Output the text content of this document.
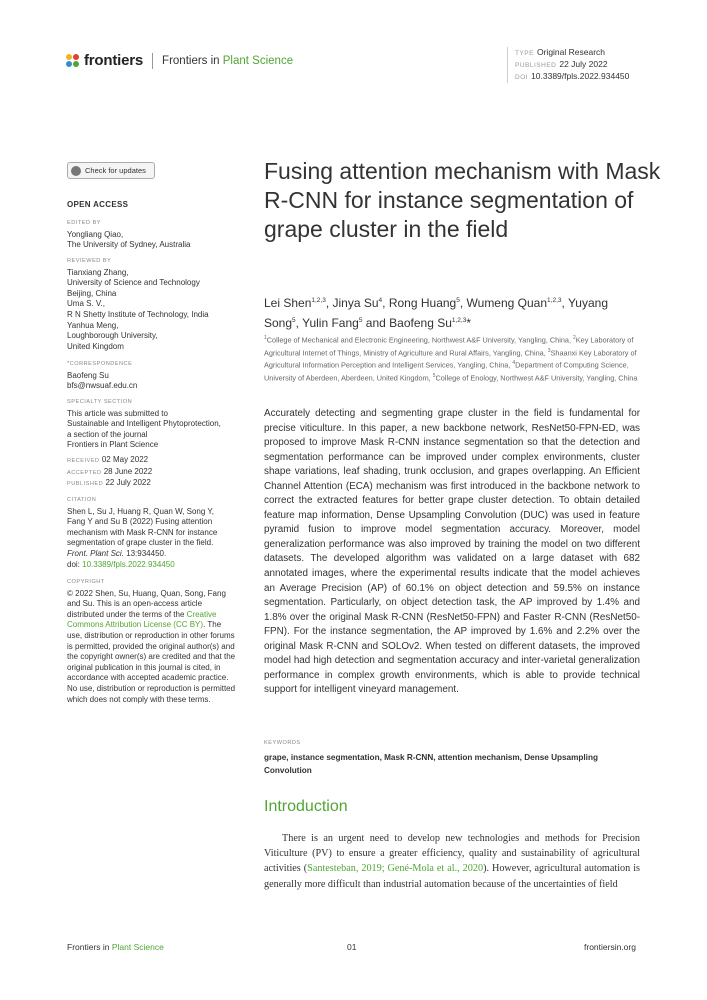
frontiers Frontiers in Plant Science
TYPE Original Research
PUBLISHED 22 July 2022
DOI 10.3389/fpls.2022.934450
Check for updates
OPEN ACCESS
EDITED BY
Yongliang Qiao,
The University of Sydney, Australia
REVIEWED BY
Tianxiang Zhang,
University of Science and Technology
Beijing, China
Uma S. V.,
R N Shetty Institute of Technology, India
Yanhua Meng,
Loughborough University,
United Kingdom
*CORRESPONDENCE
Baofeng Su
bfs@nwsuaf.edu.cn
SPECIALTY SECTION
This article was submitted to
Sustainable and Intelligent Phytoprotection,
a section of the journal
Frontiers in Plant Science
RECEIVED 02 May 2022
ACCEPTED 28 June 2022
PUBLISHED 22 July 2022
CITATION
Shen L, Su J, Huang R, Quan W, Song Y,
Fang Y and Su B (2022) Fusing attention
mechanism with Mask R-CNN for instance
segmentation of grape cluster in the field.
Front. Plant Sci. 13:934450.
doi: 10.3389/fpls.2022.934450
COPYRIGHT
© 2022 Shen, Su, Huang, Quan, Song, Fang and Su. This is an open-access article distributed under the terms of the Creative Commons Attribution License (CC BY). The use, distribution or reproduction in other forums is permitted, provided the original author(s) and the copyright owner(s) are credited and that the original publication in this journal is cited, in accordance with accepted academic practice. No use, distribution or reproduction is permitted which does not comply with these terms.
Fusing attention mechanism with Mask R-CNN for instance segmentation of grape cluster in the field
Lei Shen$^{1,2,3}$, Jinya Su$^4$, Rong Huang$^5$, Wumeng Quan$^{1,2,3}$, Yuyang Song$^5$, Yulin Fang$^5$ and Baofeng Su$^{1,2,3}$*
$^1$College of Mechanical and Electronic Engineering, Northwest A&F University, Yangling, China, $^2$Key Laboratory of Agricultural Internet of Things, Ministry of Agriculture and Rural Affairs, Yangling, China, $^3$Shaanxi Key Laboratory of Agricultural Information Perception and Intelligent Services, Yangling, China, $^4$Department of Computing Science, University of Aberdeen, Aberdeen, United Kingdom, $^5$College of Enology, Northwest A&F University, Yangling, China
Accurately detecting and segmenting grape cluster in the field is fundamental for precise viticulture. In this paper, a new backbone network, ResNet50-FPN-ED, was proposed to improve Mask R-CNN instance segmentation so that the detection and segmentation performance can be improved under complex environments, cluster shape variations, leaf shading, trunk occlusion, and grapes overlapping. An Efficient Channel Attention (ECA) mechanism was first introduced in the backbone network to correct the extracted features for better grape cluster detection. To obtain detailed feature map information, Dense Upsampling Convolution (DUC) was used in feature pyramid fusion to improve model segmentation accuracy. Moreover, model generalization performance was also improved by training the model on two different datasets. The developed algorithm was validated on a large dataset with 682 annotated images, where the experimental results indicate that the model achieves an Average Precision (AP) of 60.1% on object detection and 59.5% on instance segmentation. Particularly, on object detection task, the AP improved by 1.4% and 1.8% over the original Mask R-CNN (ResNet50-FPN) and Faster R-CNN (ResNet50-FPN). For the instance segmentation, the AP improved by 1.6% and 2.2% over the original Mask R-CNN and SOLOv2. When tested on different datasets, the improved model had high detection and segmentation accuracy and inter-varietal generalization performance in complex growth environments, which is able to provide technical support for intelligent vineyard management.
KEYWORDS
grape, instance segmentation, Mask R-CNN, attention mechanism, Dense Upsampling Convolution
Introduction

There is an urgent need to develop new technologies and methods for Precision Viticulture (PV) to ensure a greater efficiency, quality and sustainability of agricultural activities (Santesteban, 2019; Gené-Mola et al., 2020). However, agricultural automation is generally more difficult than industrial automation because of the uncertainties of field

Frontiers in Plant Science	01	frontiersin.org
